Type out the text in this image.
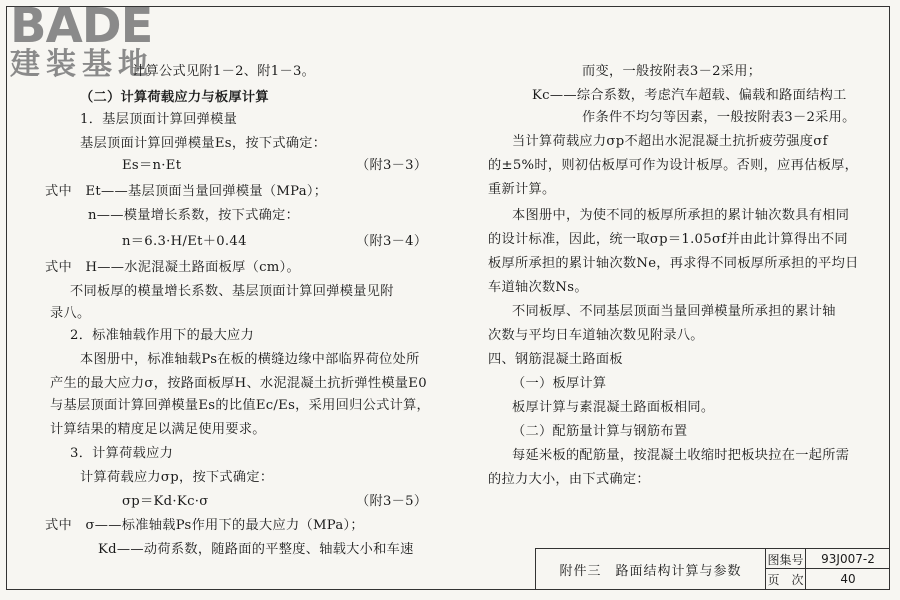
BADE
建装基地
计算公式见附1－2、附1－3。
（二）计算荷载应力与板厚计算
1．基层顶面计算回弹模量
基层顶面计算回弹模量Es，按下式确定：
Es＝n·Et	（附3－3）
式中　Et——基层顶面当量回弹模量（MPa）；
n——模量增长系数，按下式确定：
n＝6.3·H/Et＋0.44	（附3－4）
式中　H——水泥混凝土路面板厚（cm）。
不同板厚的模量增长系数、基层顶面计算回弹模量见附
录八。
2．标准轴载作用下的最大应力
本图册中，标准轴载Ps在板的横缝边缘中部临界荷位处所
产生的最大应力σ，按路面板厚H、水泥混凝土抗折弹性模量E0
与基层顶面计算回弹模量Es的比值Ec/Es，采用回归公式计算，
计算结果的精度足以满足使用要求。
3．计算荷载应力
计算荷载应力σp，按下式确定：
σp＝Kd·Kc·σ	（附3－5）
式中　σ——标准轴载Ps作用下的最大应力（MPa）；
Kd——动荷系数，随路面的平整度、轴载大小和车速
而变，一般按附表3－2采用；
Kc——综合系数，考虑汽车超载、偏载和路面结构工
作条件不均匀等因素，一般按附表3－2采用。
当计算荷载应力σp不超出水泥混凝土抗折疲劳强度σf
的±5%时，则初估板厚可作为设计板厚。否则，应再估板厚，
重新计算。
本图册中，为使不同的板厚所承担的累计轴次数具有相同
的设计标准，因此，统一取σp＝1.05σf并由此计算得出不同
板厚所承担的累计轴次数Ne，再求得不同板厚所承担的平均日
车道轴次数Ns。
不同板厚、不同基层顶面当量回弹模量所承担的累计轴
次数与平均日车道轴次数见附录八。
四、钢筋混凝土路面板
（一）板厚计算
板厚计算与素混凝土路面板相同。
（二）配筋量计算与钢筋布置
每延米板的配筋量，按混凝土收缩时把板块拉在一起所需
的拉力大小，由下式确定：
附件三　路面结构计算与参数
图集号	93J007-2
页　次	40
